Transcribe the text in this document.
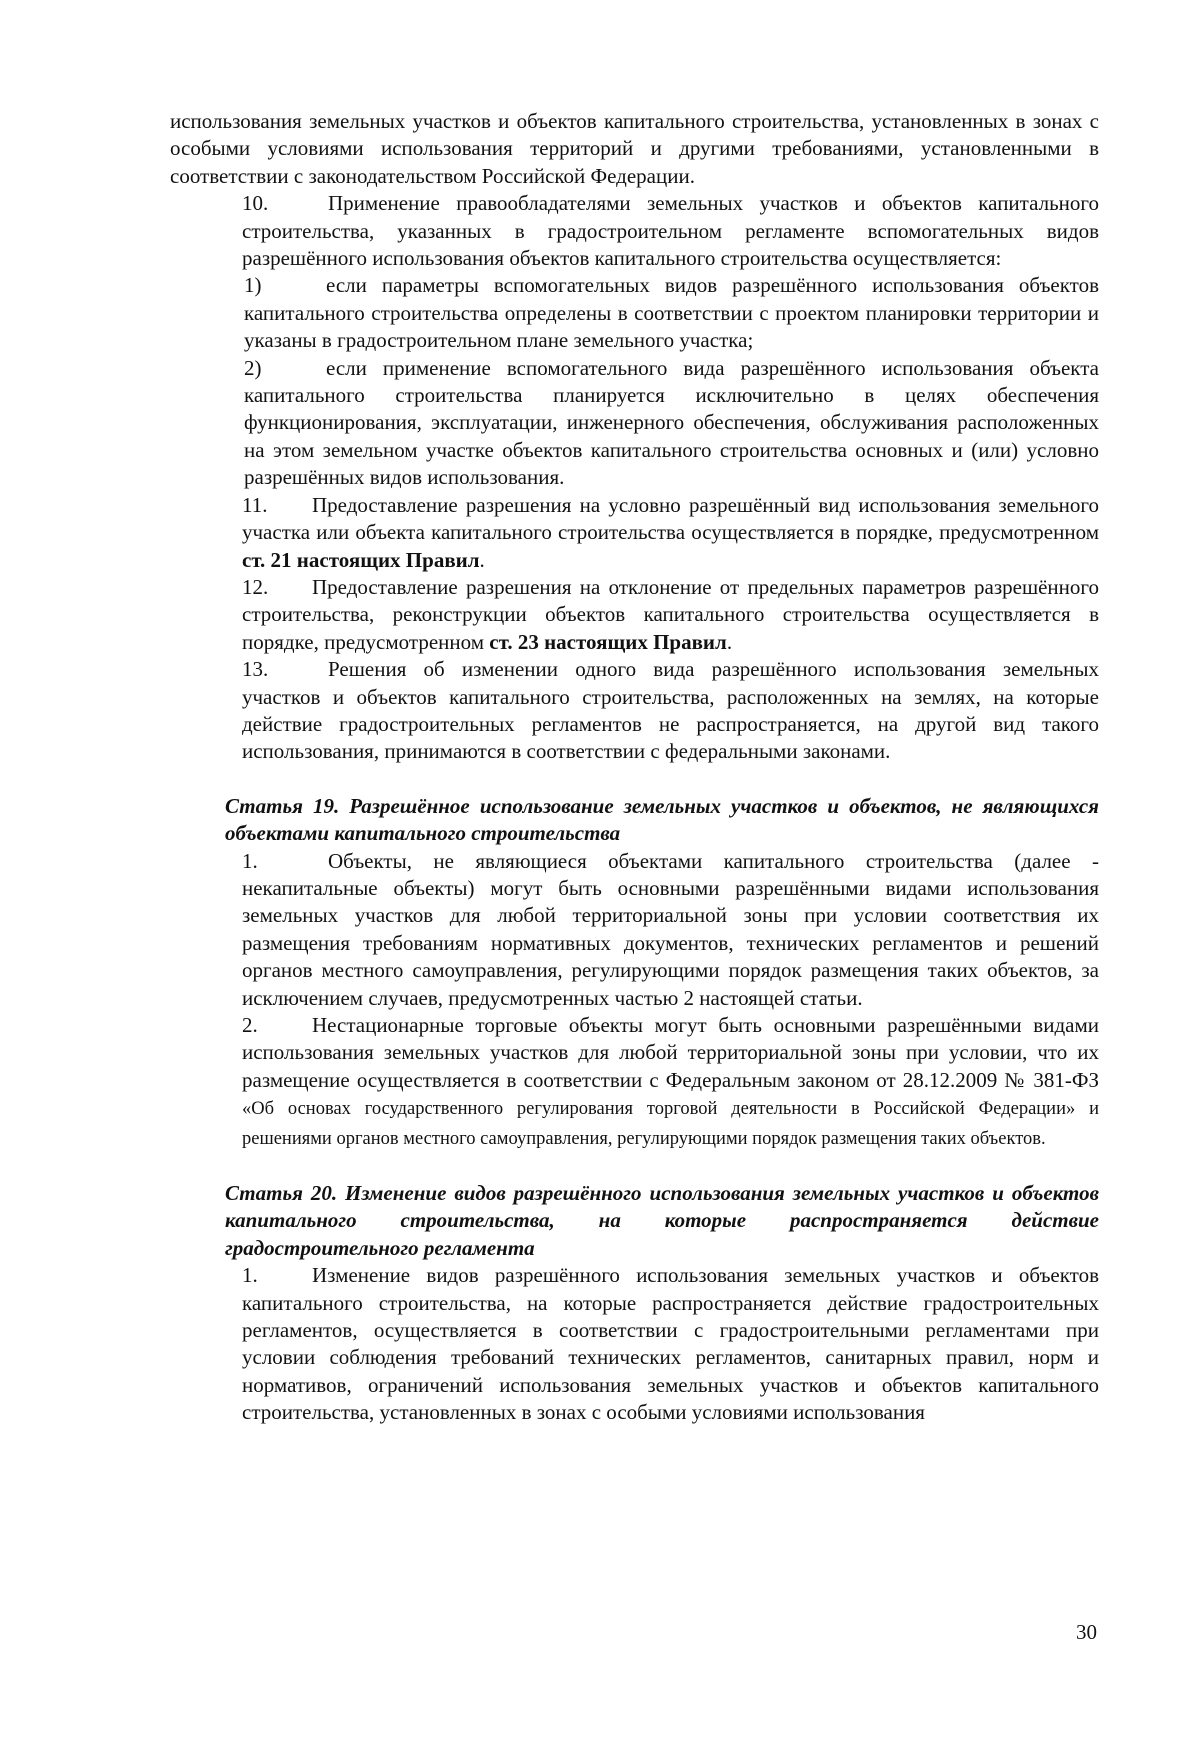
использования земельных участков и объектов капитального строительства, установленных в зонах с особыми условиями использования территорий и другими требованиями, установленными в соответствии с законодательством Российской Федерации.

10.	Применение правообладателями земельных участков и объектов капитального строительства, указанных в градостроительном регламенте вспомогательных видов разрешённого использования объектов капитального строительства осуществляется:

1)	если параметры вспомогательных видов разрешённого использования объектов капитального строительства определены в соответствии с проектом планировки территории и указаны в градостроительном плане земельного участка;

2)	если применение вспомогательного вида разрешённого использования объекта капитального строительства планируется исключительно в целях обеспечения функционирования, эксплуатации, инженерного обеспечения, обслуживания расположенных на этом земельном участке объектов капитального строительства основных и (или) условно разрешённых видов использования.

11. Предоставление разрешения на условно разрешённый вид использования земельного участка или объекта капитального строительства осуществляется в порядке, предусмотренном ст. 21 настоящих Правил.

12. Предоставление разрешения на отклонение от предельных параметров разрешённого строительства, реконструкции объектов капитального строительства осуществляется в порядке, предусмотренном ст. 23 настоящих Правил.

13.	Решения об изменении одного вида разрешённого использования земельных участков и объектов капитального строительства, расположенных на землях, на которые действие градостроительных регламентов не распространяется, на другой вид такого использования, принимаются в соответствии с федеральными законами.

Статья 19. Разрешённое использование земельных участков и объектов, не являющихся объектами капитального строительства

1.	Объекты, не являющиеся объектами капитального строительства (далее - некапитальные объекты) могут быть основными разрешёнными видами использования земельных участков для любой территориальной зоны при условии соответствия их размещения требованиям нормативных документов, технических регламентов и решений органов местного самоуправления, регулирующими порядок размещения таких объектов, за исключением случаев, предусмотренных частью 2 настоящей статьи.

2.	Нестационарные торговые объекты могут быть основными разрешёнными видами использования земельных участков для любой территориальной зоны при условии, что их размещение осуществляется в соответствии с Федеральным законом от 28.12.2009 № 381-ФЗ «Об основах государственного регулирования торговой деятельности в Российской Федерации» и решениями органов местного самоуправления, регулирующими порядок размещения таких объектов.

Статья 20. Изменение видов разрешённого использования земельных участков и объектов капитального строительства, на которые распространяется действие градостроительного регламента

1.	Изменение видов разрешённого использования земельных участков и объектов капитального строительства, на которые распространяется действие градостроительных регламентов, осуществляется в соответствии с градостроительными регламентами при условии соблюдения требований технических регламентов, санитарных правил, норм и нормативов, ограничений использования земельных участков и объектов капитального строительства, установленных в зонах с особыми условиями использования

30
